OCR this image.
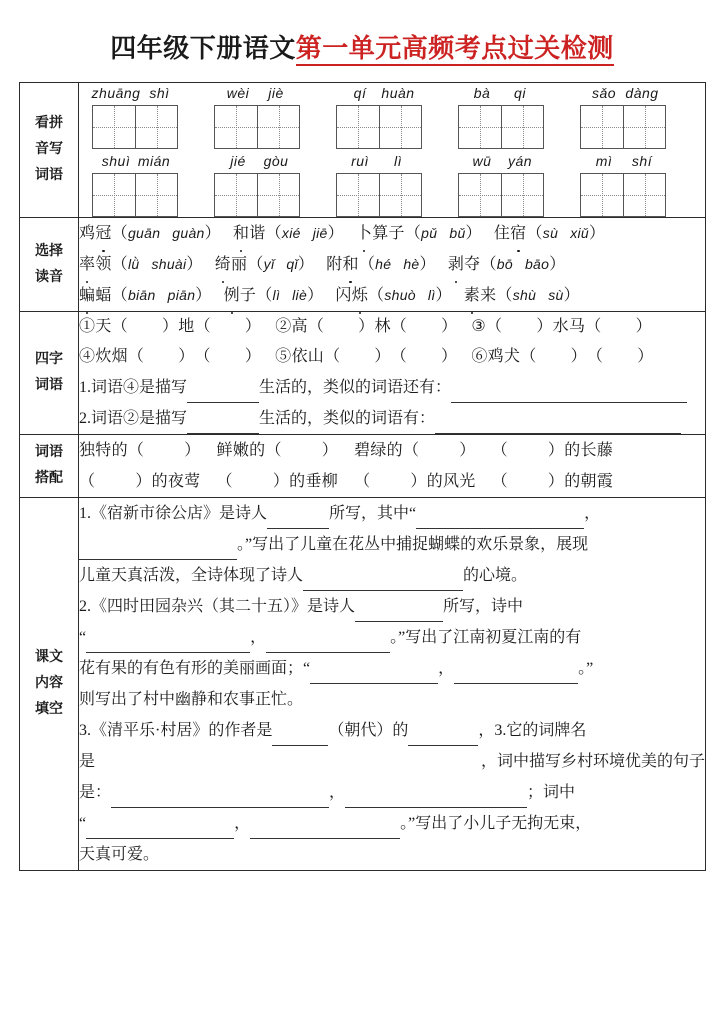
四年级下册语文第一单元高频考点过关检测
看拼
音写
词语

zhuāng shì	wèi jiè	qí huàn	bà qi	sǎo dàng
shuì mián	jié gòu	ruì lì	wū yán	mì shí

选择
读音

鸡冠（guān guàn） 和谐（xié jiē） 卜算子（pǔ bǔ） 住宿（sù xiǔ）
率领（lǜ shuài） 绮丽（yǐ qǐ） 附和（hé hè） 剥夺（bō bāo）
蝙蝠（biān piān） 例子（lì liè） 闪烁（shuò lì） 素来（shù sù）

四字
词语

①天（ ）地（ ） ②高（ ）林（ ） ③（ ）水马（ ）
④炊烟（ ）（ ） ⑤依山（ ）（ ） ⑥鸡犬（ ）（ ）
1.词语④是描写	生活的，类似的词语还有：
2.词语②是描写	生活的，类似的词语有：

词语
搭配

独特的（	） 鲜嫩的（	） 碧绿的（	） （	）的长藤
（	）的夜莺 （	）的垂柳 （	）的风光 （	）的朝霞

课文
内容
填空

1.《宿新市徐公店》是诗人	所写，其中“	，
。”写出了儿童在花丛中捕捉蝴蝶的欢乐景象，展现
儿童天真活泼，全诗体现了诗人	的心境。
2.《四时田园杂兴（其二十五）》是诗人	所写，诗中
“	，	。”写出了江南初夏江南的有
花有果的有色有形的美丽画面；“	，	。”
则写出了村中幽静和农事正忙。
3.《清平乐·村居》的作者是	（朝代）的	，3.它的词牌名
是	，词中描写乡村环境优美的句子
是：	，	；词中
“	，	。”写出了小儿子无拘无束，
天真可爱。
